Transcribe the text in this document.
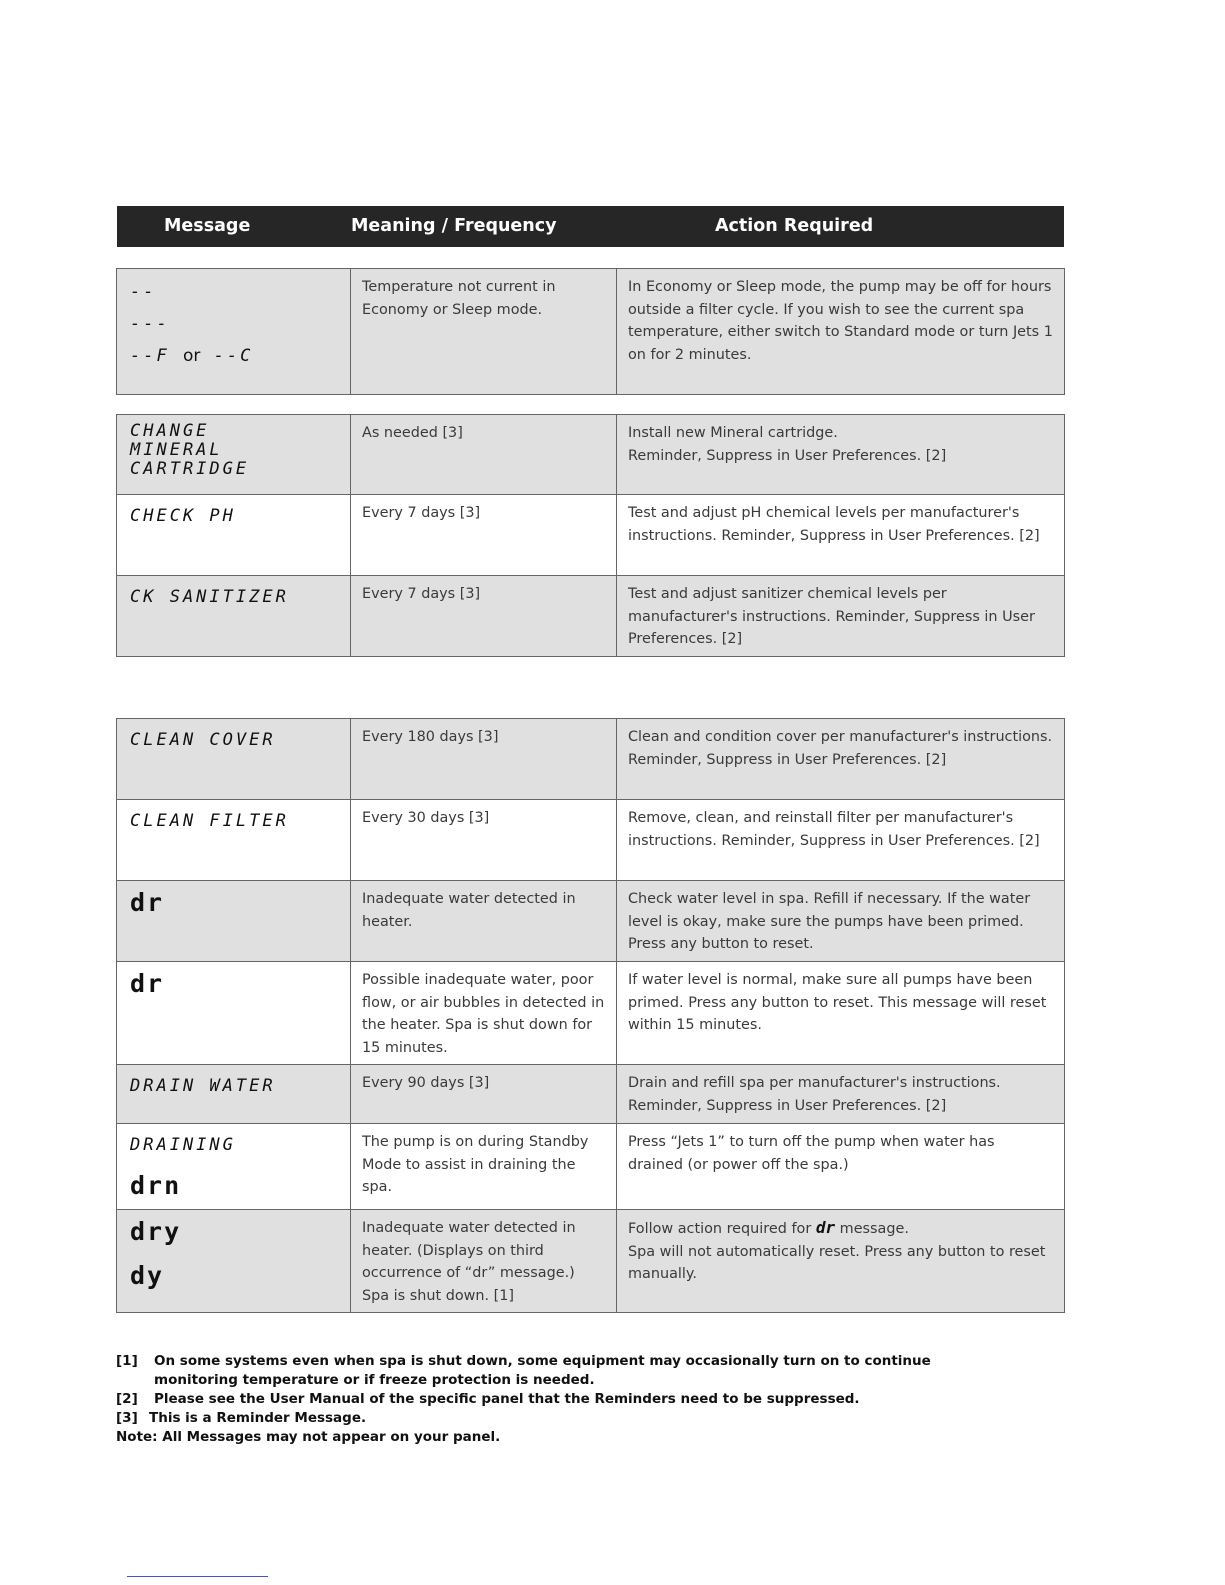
Message	Meaning / Frequency	Action Required
--
---
--F or --C
	Temperature not current in Economy or Sleep mode.	In Economy or Sleep mode, the pump may be off for hours outside a filter cycle. If you wish to see the current spa temperature, either switch to Standard mode or turn Jets 1 on for 2 minutes.
CHANGE
MINERAL
CARTRIDGE	As needed [3]	Install new Mineral cartridge.
Reminder, Suppress in User Preferences. [2]

CHECK PH	Every 7 days [3]	Test and adjust pH chemical levels per manufacturer's instructions. Reminder, Suppress in User Preferences. [2]

CK SANITIZER	Every 7 days [3]	Test and adjust sanitizer chemical levels per manufacturer's instructions. Reminder, Suppress in User Preferences. [2]
CLEAN COVER	Every 180 days [3]	Clean and condition cover per manufacturer's instructions. Reminder, Suppress in User Preferences. [2]

CLEAN FILTER	Every 30 days [3]	Remove, clean, and reinstall filter per manufacturer's instructions. Reminder, Suppress in User Preferences. [2]

dr	Inadequate water detected in heater.	Check water level in spa. Refill if necessary. If the water level is okay, make sure the pumps have been primed. Press any button to reset.

dr	Possible inadequate water, poor flow, or air bubbles in detected in the heater. Spa is shut down for 15 minutes.	If water level is normal, make sure all pumps have been primed. Press any button to reset. This message will reset within 15 minutes.

DRAIN WATER	Every 90 days [3]	Drain and refill spa per manufacturer's instructions. Reminder, Suppress in User Preferences. [2]

DRAINING
drn	The pump is on during Standby Mode to assist in draining the spa.	Press “Jets 1” to turn off the pump when water has drained (or power off the spa.)

dry
dy	Inadequate water detected in heater. (Displays on third occurrence of “dr” message.) Spa is shut down. [1]	Follow action required for dr message.
Spa will not automatically reset. Press any button to reset manually.
[1] On some systems even when spa is shut down, some equipment may occasionally turn on to continue monitoring temperature or if freeze protection is needed.
[2] Please see the User Manual of the specific panel that the Reminders need to be suppressed.
[3] This is a Reminder Message.
Note: All Messages may not appear on your panel.
